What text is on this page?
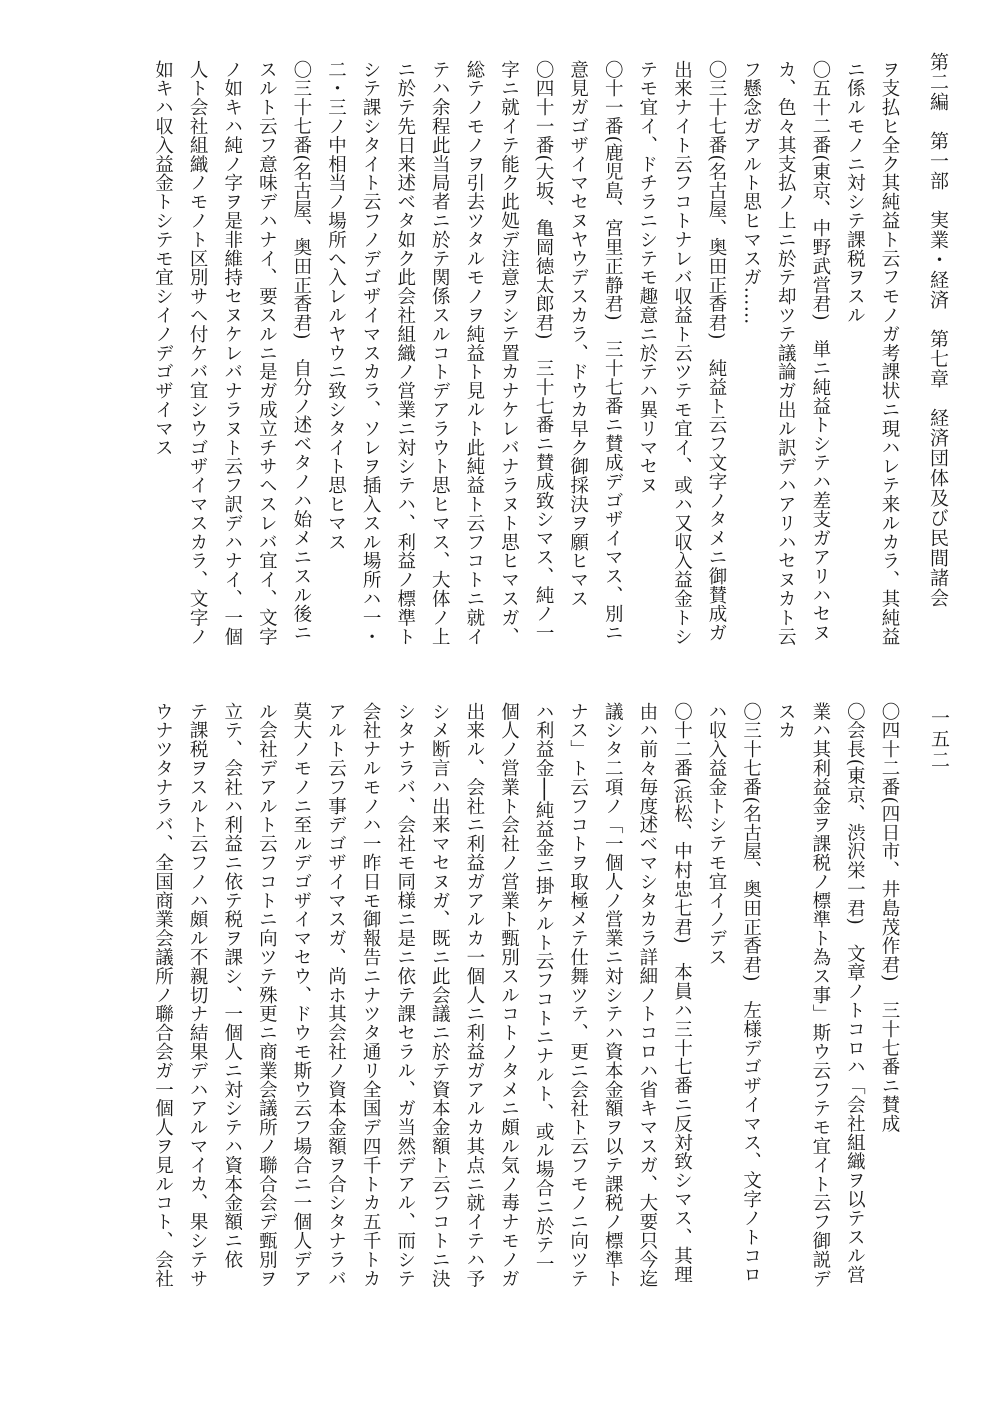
第二編 第一部 実業・経済 第七章 経済団体及び民間諸会
一五二
ヲ支払ヒ全ク其純益ト云フモノガ考課状ニ現ハレテ来ルカラ、其純益
ニ係ルモノニ対シテ課税ヲスル
〇五十二番(東京、中野武営君)　単ニ純益トシテハ差支ガアリハセヌ
カ、色々其支払ノ上ニ於テ却ツテ議論ガ出ル訳デハアリハセヌカト云
フ懸念ガアルト思ヒマスガ……
〇三十七番(名古屋、奥田正香君)　純益ト云フ文字ノタメニ御賛成ガ
出来ナイト云フコトナレバ収益ト云ツテモ宜イ、或ハ又収入益金トシ
テモ宜イ、ドチラニシテモ趣意ニ於テハ異リマセヌ
〇十一番(鹿児島、宮里正静君)　三十七番ニ賛成デゴザイマス、別ニ
意見ガゴザイマセヌヤウデスカラ、ドウカ早ク御採決ヲ願ヒマス
〇四十一番(大坂、亀岡徳太郎君)　三十七番ニ賛成致シマス、純ノ一
字ニ就イテ能ク此処デ注意ヲシテ置カナケレバナラヌト思ヒマスガ、
総テノモノヲ引去ツタルモノヲ純益ト見ルト此純益ト云フコトニ就イ
テハ余程此当局者ニ於テ関係スルコトデアラウト思ヒマス、大体ノ上
ニ於テ先日来述ベタ如ク此会社組織ノ営業ニ対シテハ、利益ノ標準ト
シテ課シタイト云フノデゴザイマスカラ、ソレヲ插入スル場所ハ一・
二・三ノ中相当ノ場所へ入レルヤウニ致シタイト思ヒマス
〇三十七番(名古屋、奥田正香君)　自分ノ述ベタノハ始メニスル後ニ
スルト云フ意味デハナイ、要スルニ是ガ成立チサヘスレバ宜イ、文字
ノ如キハ純ノ字ヲ是非維持セヌケレバナラヌト云フ訳デハナイ、一個
人ト会社組織ノモノト区別サヘ付ケバ宜シウゴザイマスカラ、文字ノ
如キハ収入益金トシテモ宜シイノデゴザイマス
〇四十二番(四日市、井島茂作君)　三十七番ニ賛成
〇会長(東京、渋沢栄一君)　文章ノトコロハ「会社組織ヲ以テスル営
業ハ其利益金ヲ課税ノ標準ト為ス事」斯ウ云フテモ宜イト云フ御説デ
スカ
〇三十七番(名古屋、奥田正香君)　左様デゴザイマス、文字ノトコロ
ハ収入益金トシテモ宜イノデス
〇十二番(浜松、中村忠七君)　本員ハ三十七番ニ反対致シマス、其理
由ハ前々毎度述ベマシタカラ詳細ノトコロハ省キマスガ、大要只今迄
議シタ二項ノ「一個人ノ営業ニ対シテハ資本金額ヲ以テ課税ノ標準ト
ナス」ト云フコトヲ取極メテ仕舞ツテ、更ニ会社ト云フモノニ向ツテ
ハ利益金──純益金ニ掛ケルト云フコトニナルト、或ル場合ニ於テ一
個人ノ営業ト会社ノ営業ト甄別スルコトノタメニ頗ル気ノ毒ナモノガ
出来ル、会社ニ利益ガアルカ一個人ニ利益ガアルカ其点ニ就イテハ予
シメ断言ハ出来マセヌガ、既ニ此会議ニ於テ資本金額ト云フコトニ決
シタナラバ、会社モ同様ニ是ニ依テ課セラル、ガ当然デアル、而シテ
会社ナルモノハ一昨日モ御報告ニナツタ通リ全国デ四千トカ五千トカ
アルト云フ事デゴザイマスガ、尚ホ其会社ノ資本金額ヲ合シタナラバ
莫大ノモノニ至ルデゴザイマセウ、ドウモ斯ウ云フ場合ニ一個人デア
ル会社デアルト云フコトニ向ツテ殊更ニ商業会議所ノ聯合会デ甄別ヲ
立テ、会社ハ利益ニ依テ税ヲ課シ、一個人ニ対シテハ資本金額ニ依
テ課税ヲスルト云フノハ頗ル不親切ナ結果デハアルマイカ、果シテサ
ウナツタナラバ、全国商業会議所ノ聯合会ガ一個人ヲ見ルコト、会社
